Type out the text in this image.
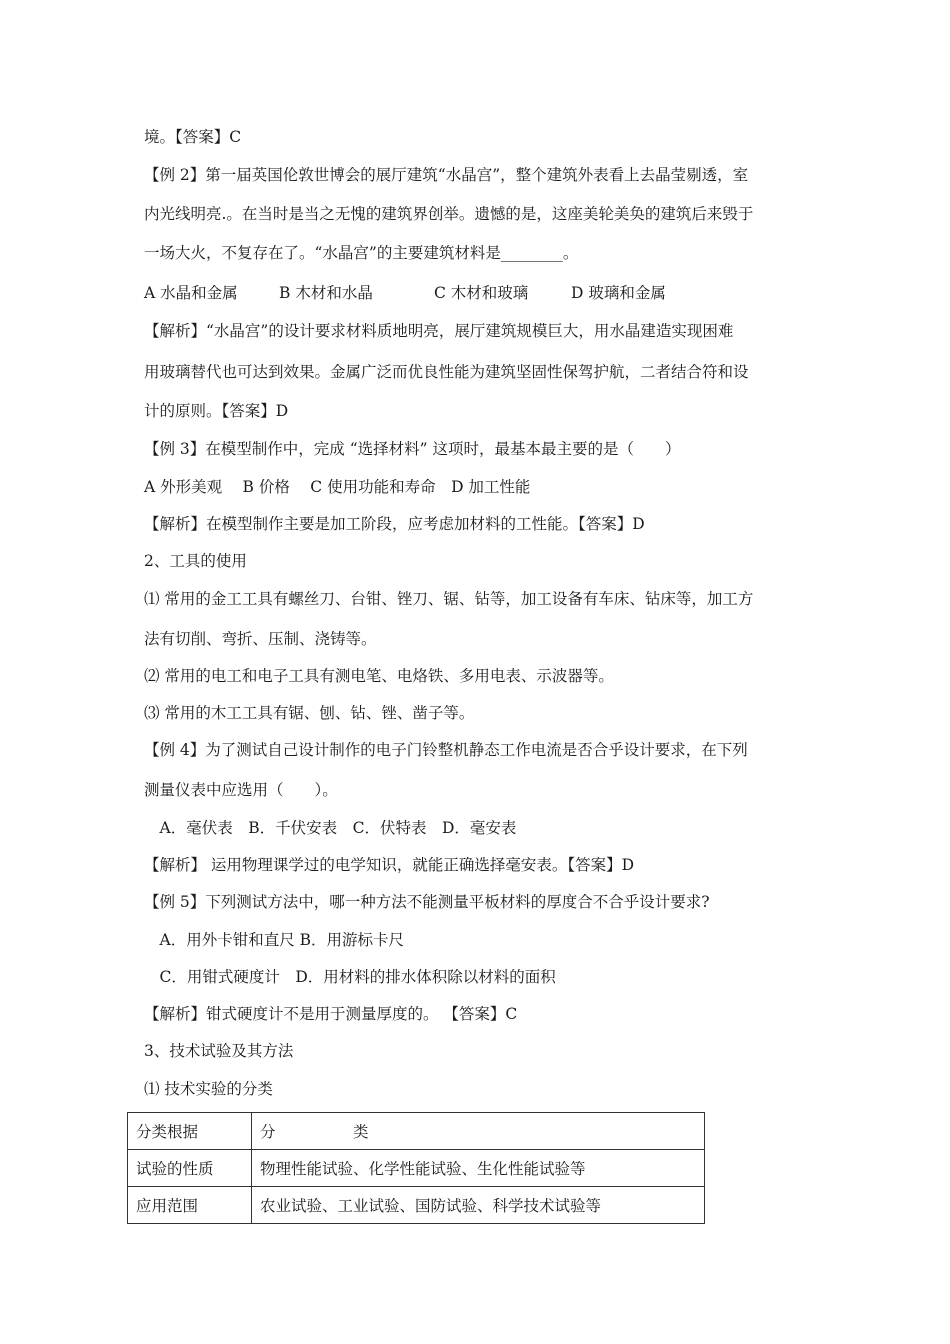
境。【答案】C
【例 2】第一届英国伦敦世博会的展厅建筑“水晶宫”，整个建筑外表看上去晶莹剔透，室
内光线明亮.。在当时是当之无愧的建筑界创举。遗憾的是，这座美轮美奂的建筑后来毁于
一场大火，不复存在了。“水晶宫”的主要建筑材料是________。
A 水晶和金属	B 木材和水晶	C 木材和玻璃	D 玻璃和金属
【解析】“水晶宫”的设计要求材料质地明亮，展厅建筑规模巨大，用水晶建造实现困难
用玻璃替代也可达到效果。金属广泛而优良性能为建筑坚固性保驾护航，二者结合符和设
计的原则。【答案】D
【例 3】在模型制作中，完成 “选择材料” 这项时，最基本最主要的是（　　）
A 外形美观　 B 价格　 C 使用功能和寿命　D 加工性能
【解析】在模型制作主要是加工阶段，应考虑加材料的工性能。【答案】D
2、工具的使用
⑴ 常用的金工工具有螺丝刀、台钳、锉刀、锯、钻等，加工设备有车床、钻床等，加工方
法有切削、弯折、压制、浇铸等。
⑵ 常用的电工和电子工具有测电笔、电烙铁、多用电表、示波器等。
⑶ 常用的木工工具有锯、刨、钻、锉、凿子等。
【例 4】为了测试自己设计制作的电子门铃整机静态工作电流是否合乎设计要求，在下列
测量仪表中应选用（　　）。
　A．毫伏表　B．千伏安表　C．伏特表　D．毫安表
【解析】 运用物理课学过的电学知识，就能正确选择毫安表。【答案】D
【例 5】下列测试方法中，哪一种方法不能测量平板材料的厚度合不合乎设计要求?
　A．用外卡钳和直尺 B．用游标卡尺
　C．用钳式硬度计　D．用材料的排水体积除以材料的面积
【解析】钳式硬度计不是用于测量厚度的。 【答案】C
3、技术试验及其方法
⑴ 技术实验的分类
分类根据	分　　　　　类
试验的性质	物理性能试验、化学性能试验、生化性能试验等
应用范围	农业试验、工业试验、国防试验、科学技术试验等
